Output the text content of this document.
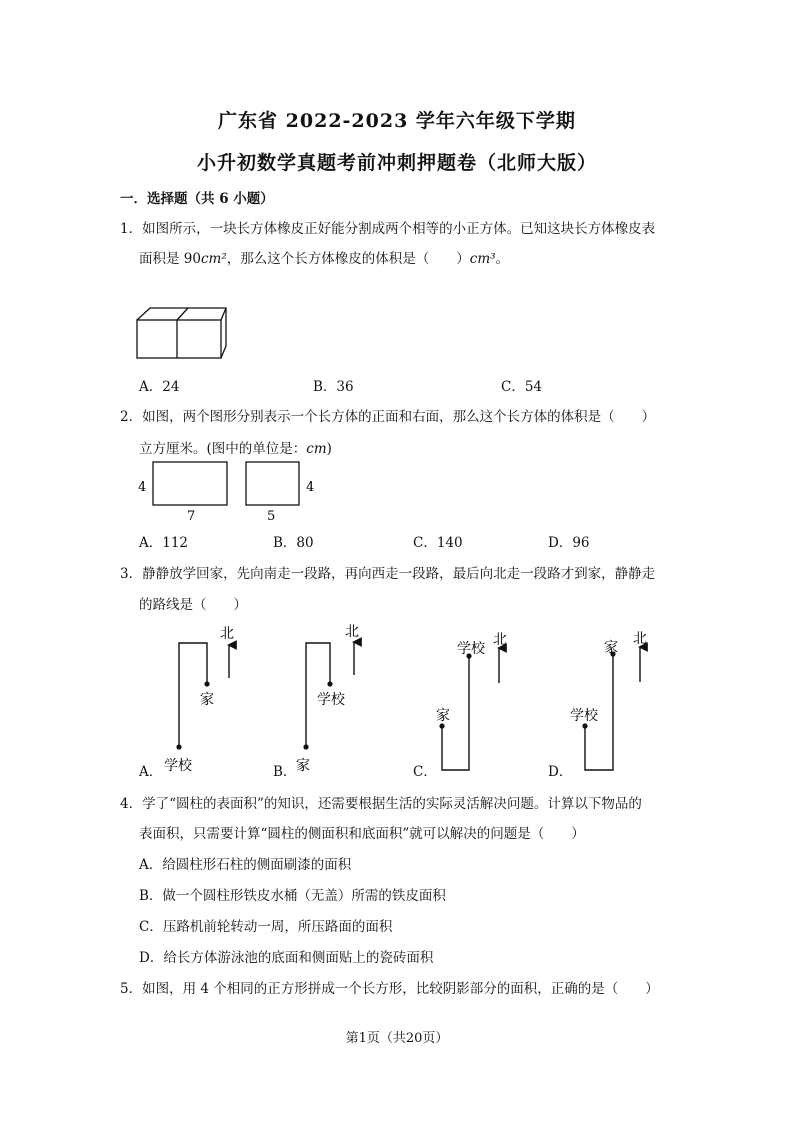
广东省 2022-2023 学年六年级下学期
小升初数学真题考前冲刺押题卷（北师大版）
一．选择题（共 6 小题）
1．如图所示，一块长方体橡皮正好能分割成两个相等的小正方体。已知这块长方体橡皮表
面积是 90cm²，那么这个长方体橡皮的体积是（　　）cm³。
A．24	B．36	C．54
2．如图，两个图形分别表示一个长方体的正面和右面，那么这个长方体的体积是（　　）
立方厘米。(图中的单位是：cm)
4
7	5
4
A．112	B．80	C．140	D．96
3．静静放学回家，先向南走一段路，再向西走一段路，最后向北走一段路才到家，静静走
的路线是（　　）
北
家
学校
北
学校
家
北
学校
家
北
家
学校
A．	B．	C．	D．
4．学了“圆柱的表面积”的知识，还需要根据生活的实际灵活解决问题。计算以下物品的
表面积，只需要计算“圆柱的侧面积和底面积”就可以解决的问题是（　　）
A．给圆柱形石柱的侧面刷漆的面积
B．做一个圆柱形铁皮水桶（无盖）所需的铁皮面积
C．压路机前轮转动一周，所压路面的面积
D．给长方体游泳池的底面和侧面贴上的瓷砖面积
5．如图，用 4 个相同的正方形拼成一个长方形，比较阴影部分的面积，正确的是（　　）
第1页（共20页）
